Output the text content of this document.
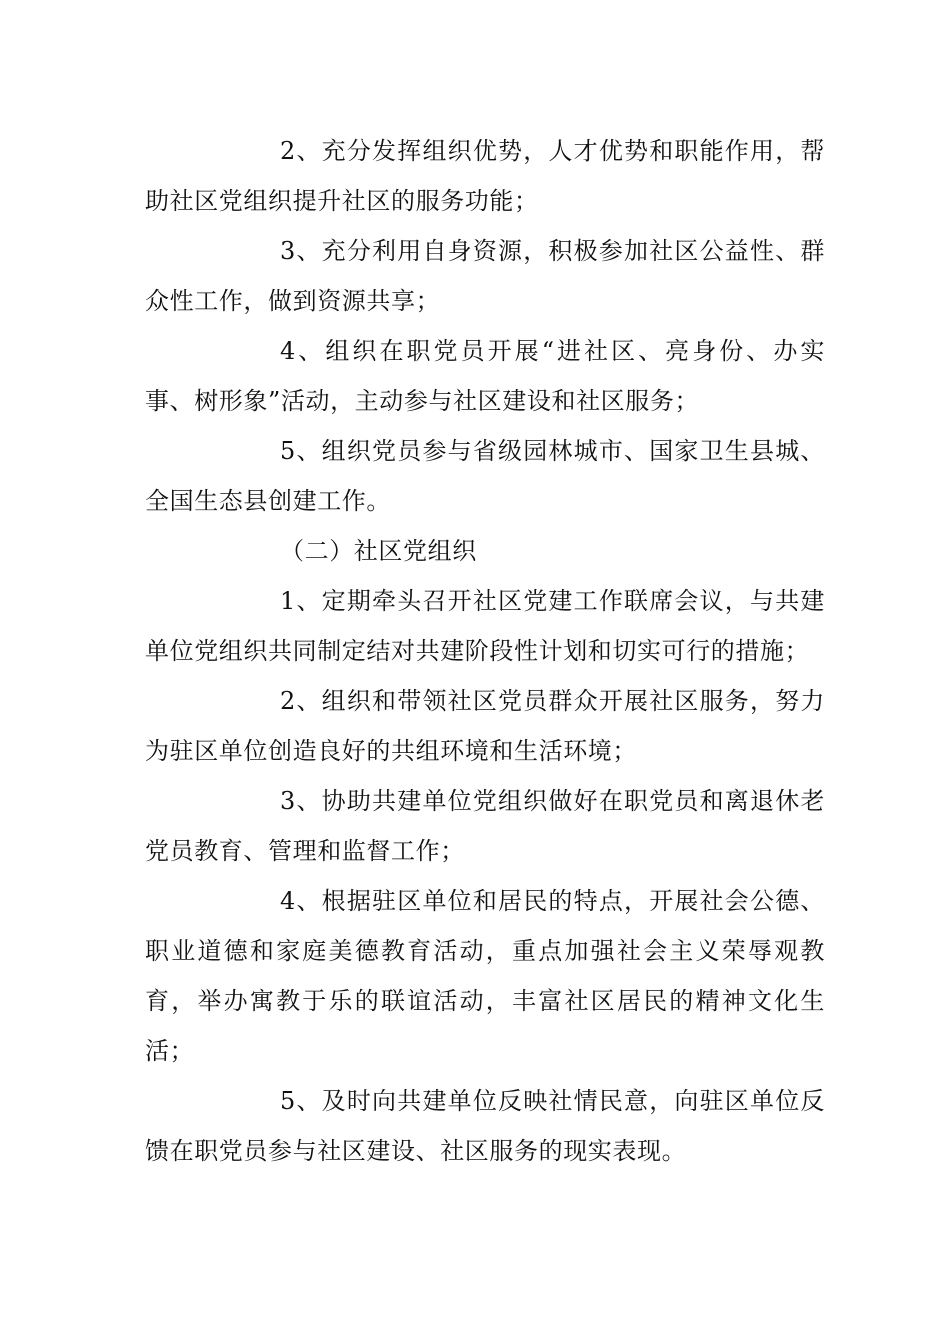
2、充分发挥组织优势，人才优势和职能作用，帮助社区党组织提升社区的服务功能；

3、充分利用自身资源，积极参加社区公益性、群众性工作，做到资源共享；

4、组织在职党员开展“进社区、亮身份、办实事、树形象”活动，主动参与社区建设和社区服务；

5、组织党员参与省级园林城市、国家卫生县城、全国生态县创建工作。

（二）社区党组织

1、定期牵头召开社区党建工作联席会议，与共建单位党组织共同制定结对共建阶段性计划和切实可行的措施；

2、组织和带领社区党员群众开展社区服务，努力为驻区单位创造良好的共组环境和生活环境；

3、协助共建单位党组织做好在职党员和离退休老党员教育、管理和监督工作；

4、根据驻区单位和居民的特点，开展社会公德、职业道德和家庭美德教育活动，重点加强社会主义荣辱观教育，举办寓教于乐的联谊活动，丰富社区居民的精神文化生活；

5、及时向共建单位反映社情民意，向驻区单位反馈在职党员参与社区建设、社区服务的现实表现。
